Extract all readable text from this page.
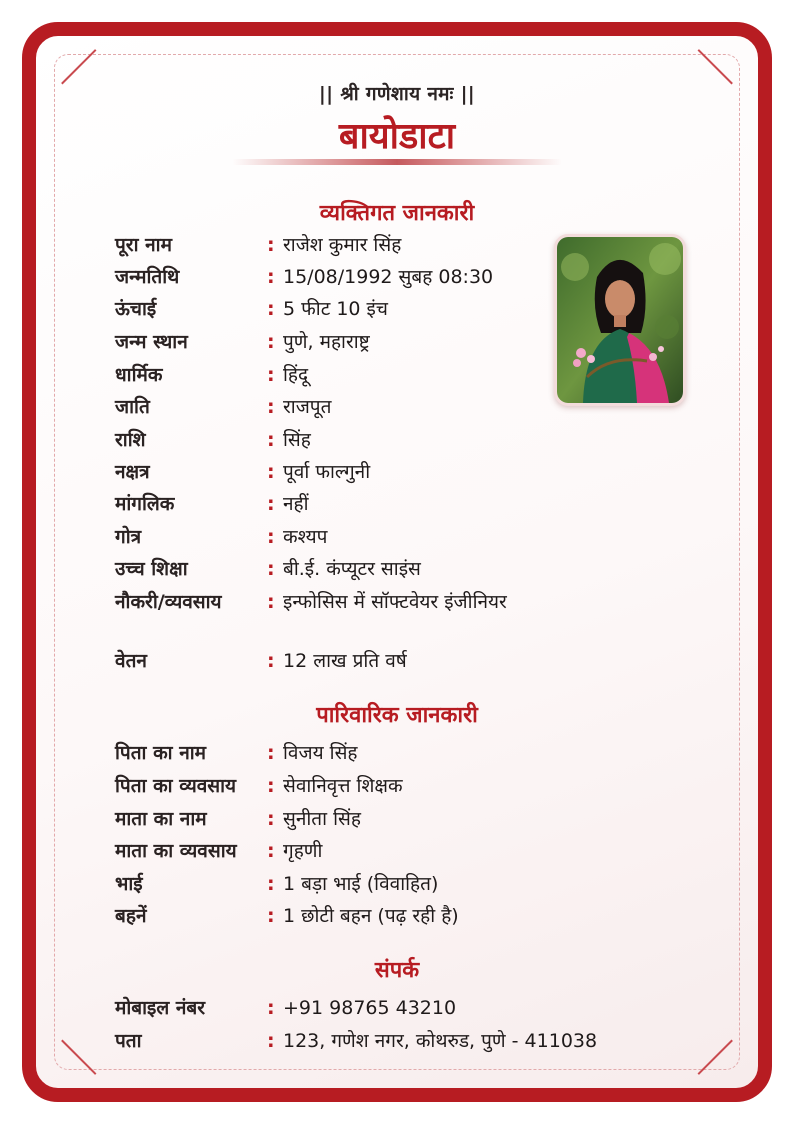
|| श्री गणेशाय नमः ||
बायोडाटा
व्यक्तिगत जानकारी
पूरा नाम	: राजेश कुमार सिंह
जन्मतिथि	: 15/08/1992 सुबह 08:30
ऊंचाई	: 5 फीट 10 इंच
जन्म स्थान	: पुणे, महाराष्ट्र
धार्मिक	: हिंदू
जाति	: राजपूत
राशि	: सिंह
नक्षत्र	: पूर्वा फाल्गुनी
मांगलिक	: नहीं
गोत्र	: कश्यप
उच्च शिक्षा	: बी.ई. कंप्यूटर साइंस
नौकरी/व्यवसाय : इन्फोसिस में सॉफ्टवेयर इंजीनियर
वेतन	: 12 लाख प्रति वर्ष
पारिवारिक जानकारी
पिता का नाम	: विजय सिंह
पिता का व्यवसाय : सेवानिवृत्त शिक्षक
माता का नाम	: सुनीता सिंह
माता का व्यवसाय : गृहणी
भाई	: 1 बड़ा भाई (विवाहित)
बहनें	: 1 छोटी बहन (पढ़ रही है)
संपर्क
मोबाइल नंबर	: +91 98765 43210
पता	: 123, गणेश नगर, कोथरुड, पुणे - 411038
